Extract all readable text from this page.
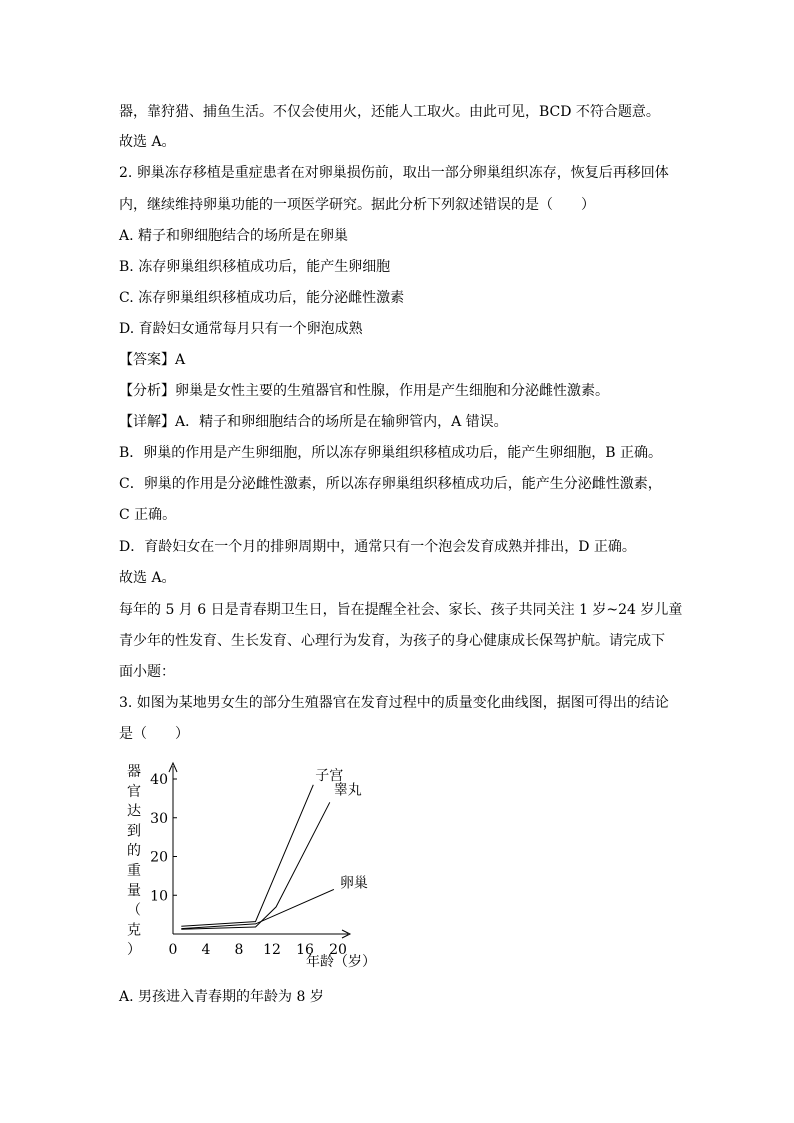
器，靠狩猎、捕鱼生活。不仅会使用火，还能人工取火。由此可见，BCD 不符合题意。
故选 A。
2. 卵巢冻存移植是重症患者在对卵巢损伤前，取出一部分卵巢组织冻存，恢复后再移回体
内，继续维持卵巢功能的一项医学研究。据此分析下列叙述错误的是（　　）
A. 精子和卵细胞结合的场所是在卵巢
B. 冻存卵巢组织移植成功后，能产生卵细胞
C. 冻存卵巢组织移植成功后，能分泌雌性激素
D. 育龄妇女通常每月只有一个卵泡成熟
【答案】A
【分析】卵巢是女性主要的生殖器官和性腺，作用是产生细胞和分泌雌性激素。
【详解】A．精子和卵细胞结合的场所是在输卵管内，A 错误。
B．卵巢的作用是产生卵细胞，所以冻存卵巢组织移植成功后，能产生卵细胞，B 正确。
C．卵巢的作用是分泌雌性激素，所以冻存卵巢组织移植成功后，能产生分泌雌性激素，
C 正确。
D．育龄妇女在一个月的排卵周期中，通常只有一个泡会发育成熟并排出，D 正确。
故选 A。
每年的 5 月 6 日是青春期卫生日，旨在提醒全社会、家长、孩子共同关注 1 岁~24 岁儿童
青少年的性发育、生长发育、心理行为发育，为孩子的身心健康成长保驾护航。请完成下
面小题：
3. 如图为某地男女生的部分生殖器官在发育过程中的质量变化曲线图，据图可得出的结论
是（　　）
器
官
达
到
的
重
量
（
克
） 0 4 8 12 16 20
10
20
30
40	子宫
睾丸
卵巢
年龄（岁）
A. 男孩进入青春期的年龄为 8 岁
